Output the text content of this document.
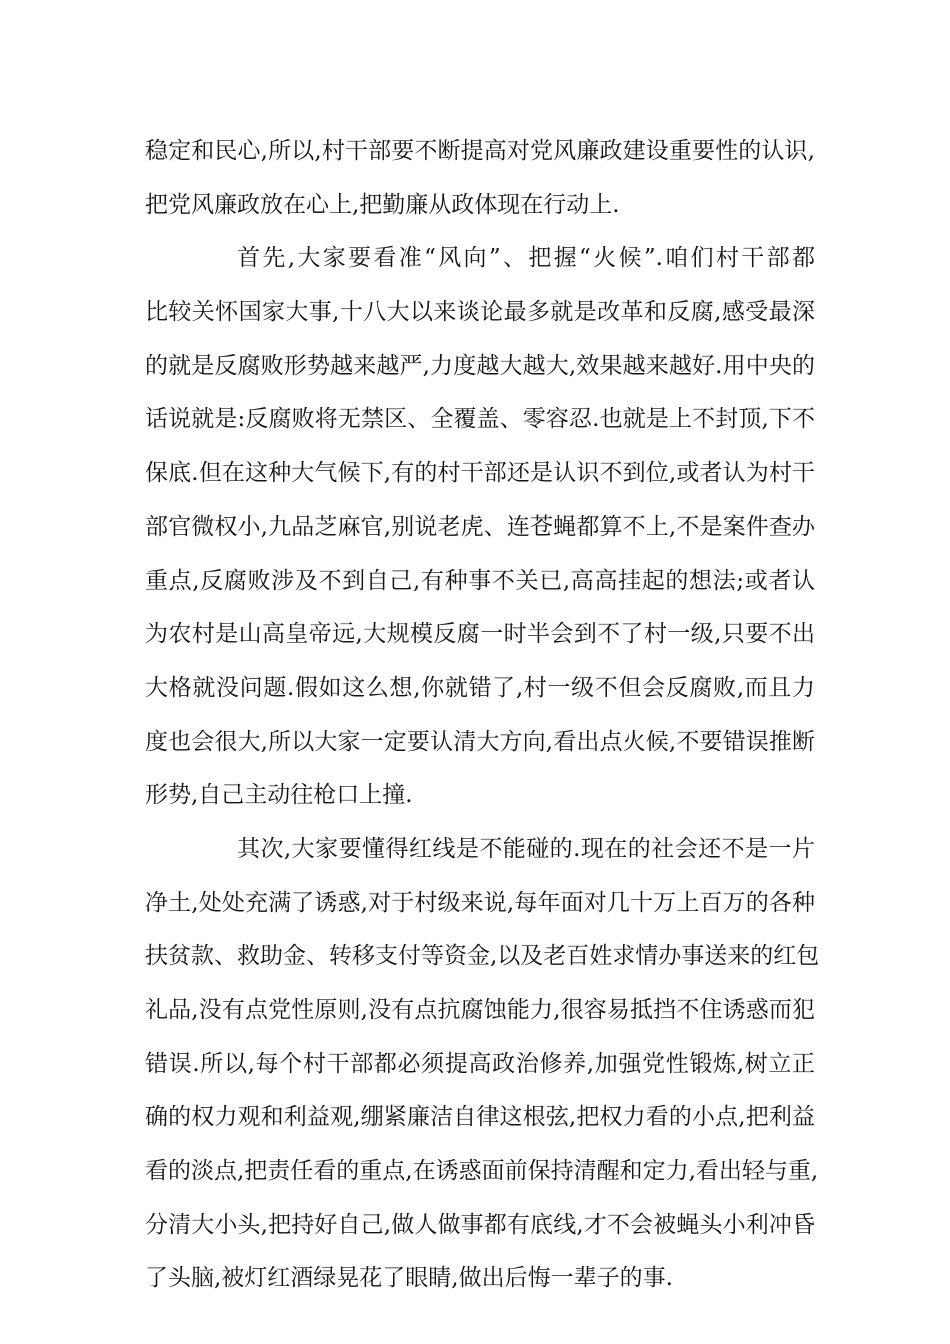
稳定和民心,所以,村干部要不断提高对党风廉政建设重要性的认识,
把党风廉政放在心上,把勤廉从政体现在行动上.
首先,大家要看准“风向”、把握“火候”.咱们村干部都
比较关怀国家大事,十八大以来谈论最多就是改革和反腐,感受最深
的就是反腐败形势越来越严,力度越大越大,效果越来越好.用中央的
话说就是:反腐败将无禁区、全覆盖、零容忍.也就是上不封顶,下不
保底.但在这种大气候下,有的村干部还是认识不到位,或者认为村干
部官微权小,九品芝麻官,别说老虎、连苍蝇都算不上,不是案件查办
重点,反腐败涉及不到自己,有种事不关已,高高挂起的想法;或者认
为农村是山高皇帝远,大规模反腐一时半会到不了村一级,只要不出
大格就没问题.假如这么想,你就错了,村一级不但会反腐败,而且力
度也会很大,所以大家一定要认清大方向,看出点火候,不要错误推断
形势,自己主动往枪口上撞.
其次,大家要懂得红线是不能碰的.现在的社会还不是一片
净土,处处充满了诱惑,对于村级来说,每年面对几十万上百万的各种
扶贫款、救助金、转移支付等资金,以及老百姓求情办事送来的红包
礼品,没有点党性原则,没有点抗腐蚀能力,很容易抵挡不住诱惑而犯
错误.所以,每个村干部都必须提高政治修养,加强党性锻炼,树立正
确的权力观和利益观,绷紧廉洁自律这根弦,把权力看的小点,把利益
看的淡点,把责任看的重点,在诱惑面前保持清醒和定力,看出轻与重,
分清大小头,把持好自己,做人做事都有底线,才不会被蝇头小利冲昏
了头脑,被灯红酒绿晃花了眼睛,做出后悔一辈子的事.
